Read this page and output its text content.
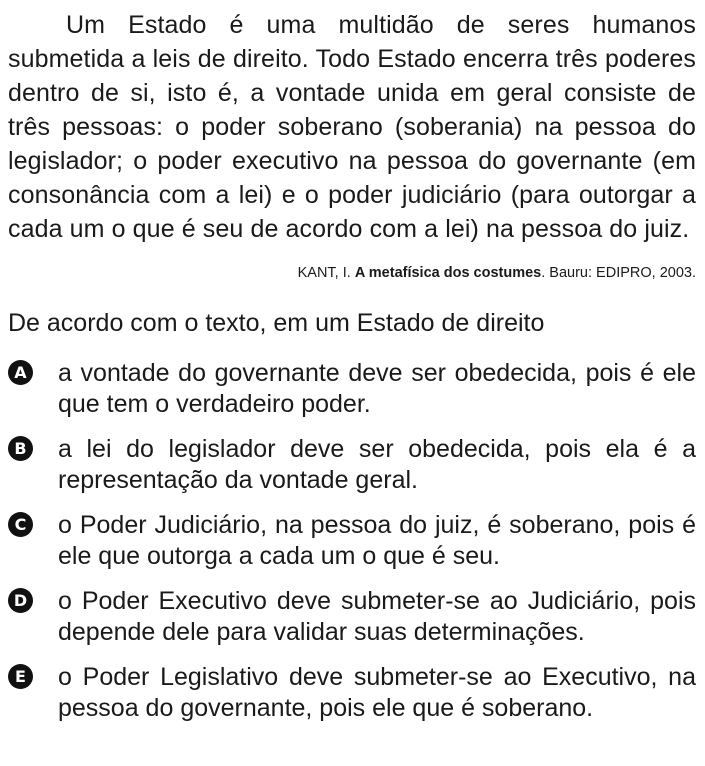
Um Estado é uma multidão de seres humanos submetida a leis de direito. Todo Estado encerra três poderes dentro de si, isto é, a vontade unida em geral consiste de três pessoas: o poder soberano (soberania) na pessoa do legislador; o poder executivo na pessoa do governante (em consonância com a lei) e o poder judiciário (para outorgar a cada um o que é seu de acordo com a lei) na pessoa do juiz.

KANT, I. A metafísica dos costumes. Bauru: EDIPRO, 2003.

De acordo com o texto, em um Estado de direito

A a vontade do governante deve ser obedecida, pois é ele que tem o verdadeiro poder.
B a lei do legislador deve ser obedecida, pois ela é a representação da vontade geral.
C o Poder Judiciário, na pessoa do juiz, é soberano, pois é ele que outorga a cada um o que é seu.
D o Poder Executivo deve submeter-se ao Judiciário, pois depende dele para validar suas determinações.
E o Poder Legislativo deve submeter-se ao Executivo, na pessoa do governante, pois ele que é soberano.
